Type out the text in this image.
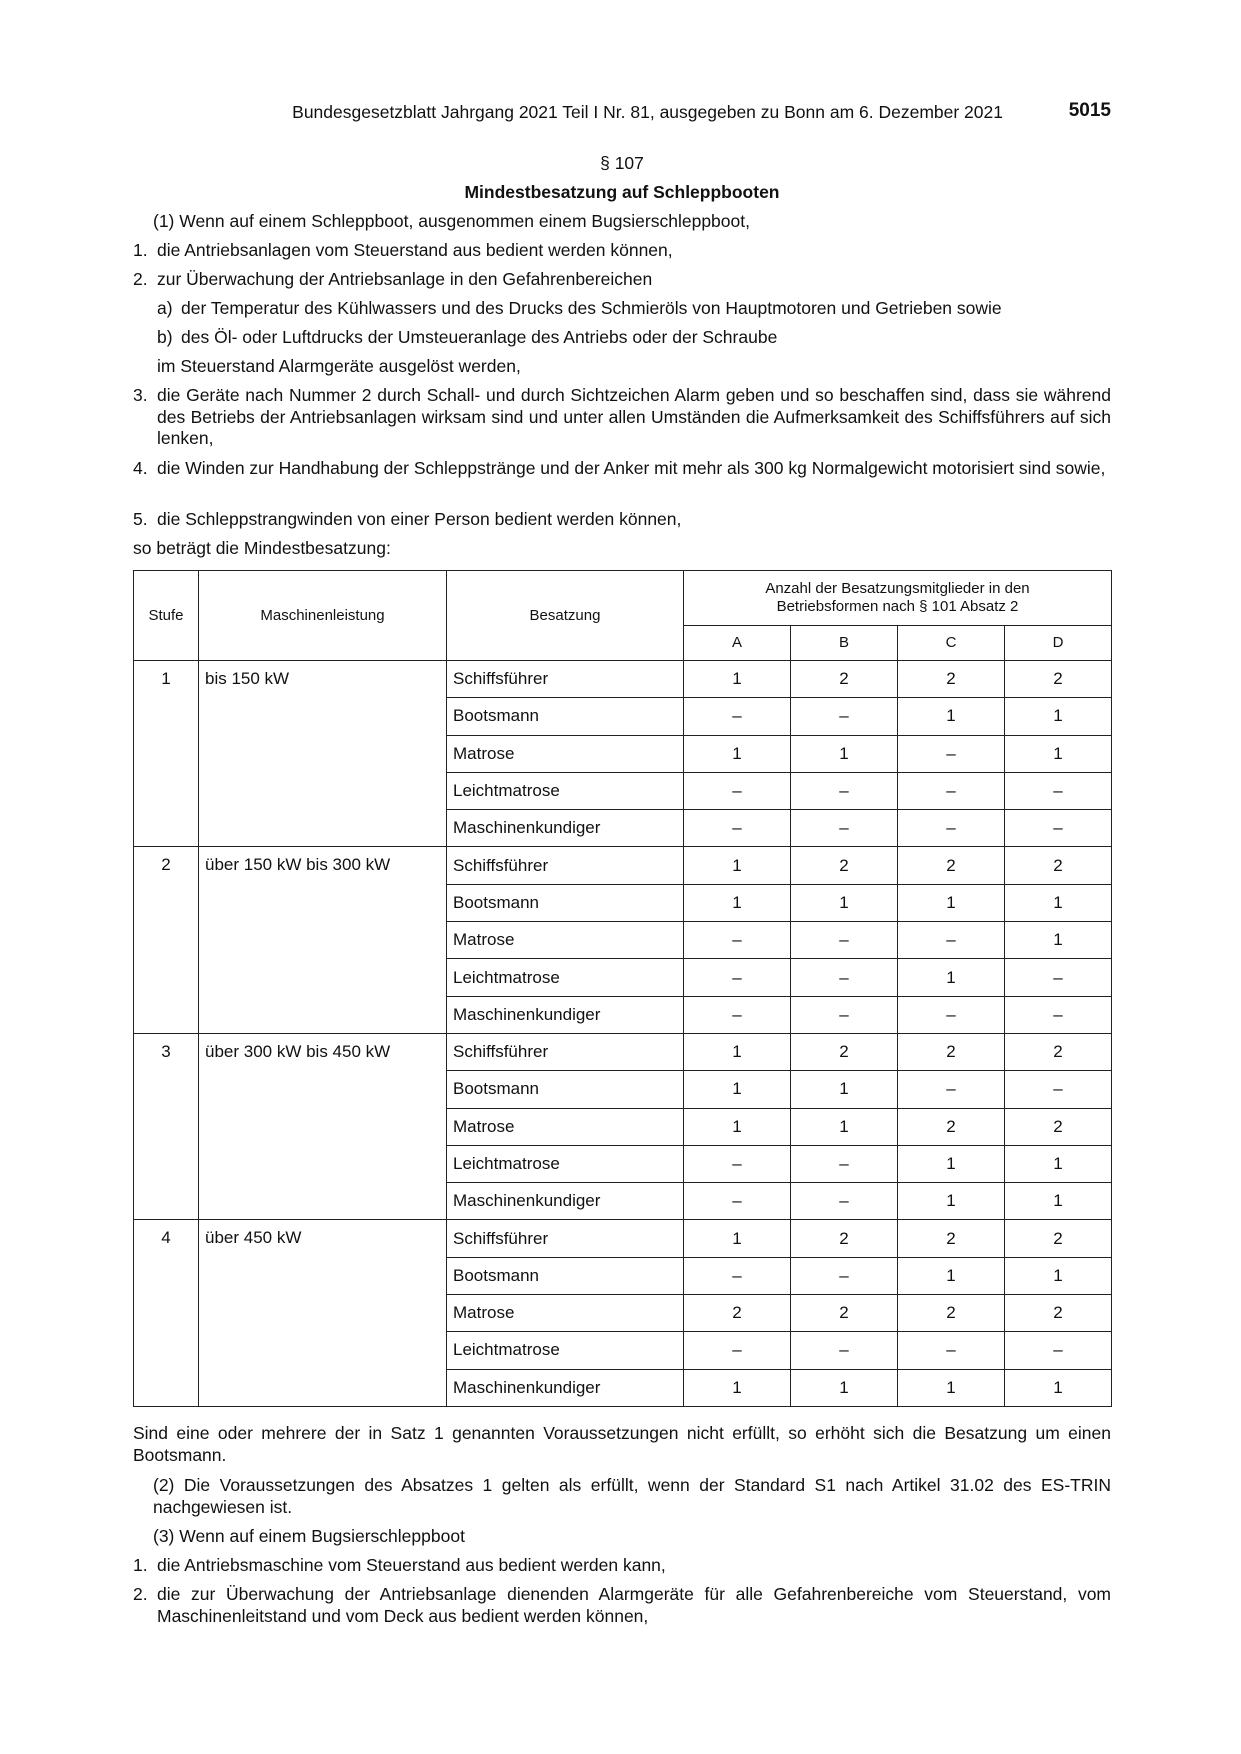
Bundesgesetzblatt Jahrgang 2021 Teil I Nr. 81, ausgegeben zu Bonn am 6. Dezember 2021	5015
§ 107
Mindestbesatzung auf Schleppbooten
(1) Wenn auf einem Schleppboot, ausgenommen einem Bugsierschleppboot,
1. die Antriebsanlagen vom Steuerstand aus bedient werden können,
2. zur Überwachung der Antriebsanlage in den Gefahrenbereichen
a) der Temperatur des Kühlwassers und des Drucks des Schmieröls von Hauptmotoren und Getrieben sowie
b) des Öl- oder Luftdrucks der Umsteueranlage des Antriebs oder der Schraube
im Steuerstand Alarmgeräte ausgelöst werden,
3. die Geräte nach Nummer 2 durch Schall- und durch Sichtzeichen Alarm geben und so beschaffen sind, dass sie während des Betriebs der Antriebsanlagen wirksam sind und unter allen Umständen die Aufmerksamkeit des Schiffsführers auf sich lenken,
4. die Winden zur Handhabung der Schleppstränge und der Anker mit mehr als 300 kg Normalgewicht motorisiert sind sowie,
5. die Schleppstrangwinden von einer Person bedient werden können,
so beträgt die Mindestbesatzung:
Stufe	Maschinenleistung	Besatzung	Anzahl der Besatzungsmitglieder in den Betriebsformen nach § 101 Absatz 2			
			A	B	C	D
1	bis 150 kW	Schiffsführer	1	2	2	2
		Bootsmann	–	–	1	1
		Matrose	1	1	–	1
		Leichtmatrose	–	–	–	–
		Maschinenkundiger	–	–	–	–
2	über 150 kW bis 300 kW	Schiffsführer	1	2	2	2
		Bootsmann	1	1	1	1
		Matrose	–	–	–	1
		Leichtmatrose	–	–	1	–
		Maschinenkundiger	–	–	–	–
3	über 300 kW bis 450 kW	Schiffsführer	1	2	2	2
		Bootsmann	1	1	–	–
		Matrose	1	1	2	2
		Leichtmatrose	–	–	1	1
		Maschinenkundiger	–	–	1	1
4	über 450 kW	Schiffsführer	1	2	2	2
		Bootsmann	–	–	1	1
		Matrose	2	2	2	2
		Leichtmatrose	–	–	–	–
		Maschinenkundiger	1	1	1	1
Sind eine oder mehrere der in Satz 1 genannten Voraussetzungen nicht erfüllt, so erhöht sich die Besatzung um einen Bootsmann.
(2) Die Voraussetzungen des Absatzes 1 gelten als erfüllt, wenn der Standard S1 nach Artikel 31.02 des ES-TRIN nachgewiesen ist.
(3) Wenn auf einem Bugsierschleppboot
1. die Antriebsmaschine vom Steuerstand aus bedient werden kann,
2. die zur Überwachung der Antriebsanlage dienenden Alarmgeräte für alle Gefahrenbereiche vom Steuerstand, vom Maschinenleitstand und vom Deck aus bedient werden können,
